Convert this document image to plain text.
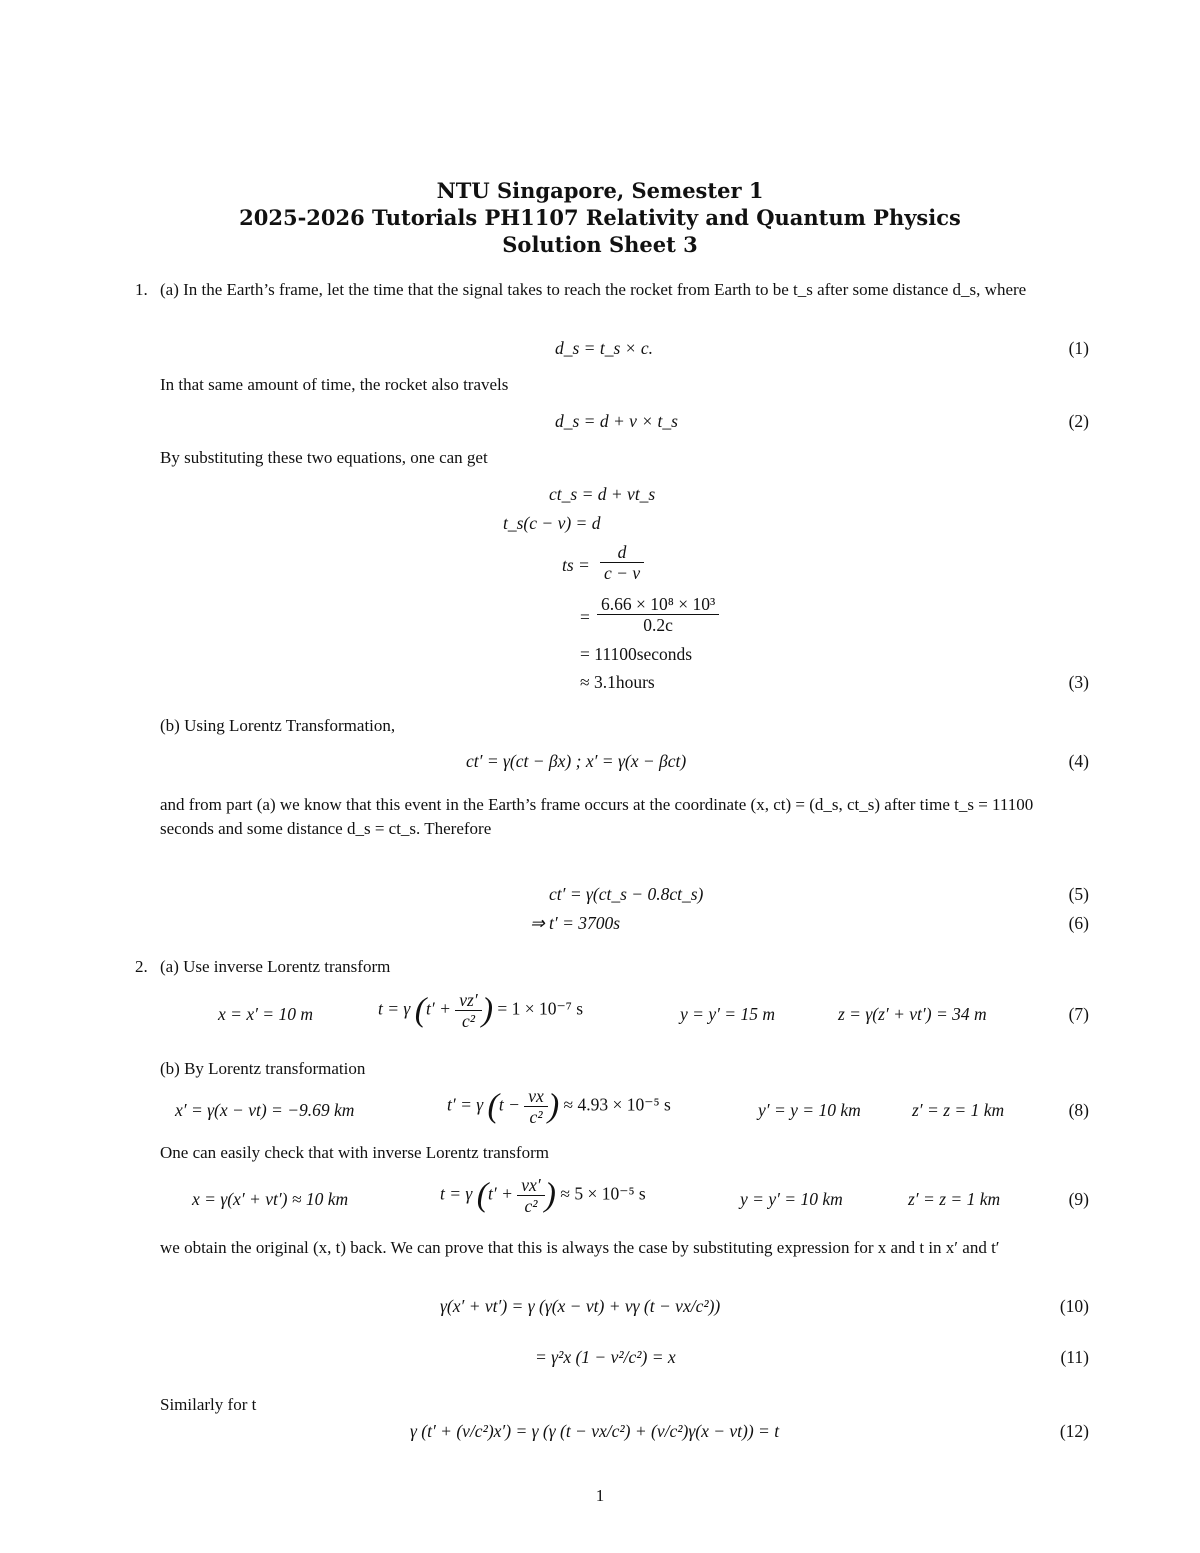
NTU Singapore, Semester 1
2025-2026 Tutorials PH1107 Relativity and Quantum Physics
Solution Sheet 3
1. (a) In the Earth’s frame, let the time that the signal takes to reach the rocket from Earth to be t_s after some distance d_s, where
d_s = t_s × c.	(1)
In that same amount of time, the rocket also travels
d_s = d + v × t_s	(2)
By substituting these two equations, one can get
ct_s = d + vt_s
t_s(c − v) = d
ts = $\frac{d}{c - v}$
= $\frac{\text{6.66 × 10⁸ × 10³}}{0.2c}$
= 11100seconds
≈ 3.1hours	(3)
(b) Using Lorentz Transformation,
ct′ = γ(ct − βx) ; x′ = γ(x − βct)	(4)
and from part (a) we know that this event in the Earth’s frame occurs at the coordinate (x, ct) = (d_s, ct_s) after time t_s = 11100 seconds and some distance d_s = ct_s. Therefore
ct′ = γ(ct_s − 0.8ct_s)	(5)
⇒ t′ = 3700s	(6)
2. (a) Use inverse Lorentz transform
x = x′ = 10 m	t = γ ($t' + \frac{vz'}{\text{c²}}$ ) = 1 × 10⁻⁷ s	y = y′ = 15 m	z = γ(z′ + vt′) = 34 m	(7)
(b) By Lorentz transformation
x′ = γ(x − vt) = −9.69 km	t′ = γ ($t - \frac{vx}{\text{c²}}$ ) ≈ 4.93 × 10⁻⁵ s	y′ = y = 10 km	z′ = z = 1 km	(8)
One can easily check that with inverse Lorentz transform
x = γ(x′ + vt′) ≈ 10 km	t = γ ($t' + \frac{vx'}{\text{c²}}$ ) ≈ 5 × 10⁻⁵ s	y = y′ = 10 km	z′ = z = 1 km	(9)
we obtain the original (x, t) back. We can prove that this is always the case by substituting expression for x and t in x′ and t′
γ(x′ + vt′) = γ (γ(x − vt) + vγ (t − vx/c²))	(10)
= γ²x (1 − v²/c²) = x	(11)
Similarly for t
γ (t′ + (v/c²)x′) = γ (γ (t − vx/c²) + (v/c²)γ(x − vt)) = t	(12)
1
